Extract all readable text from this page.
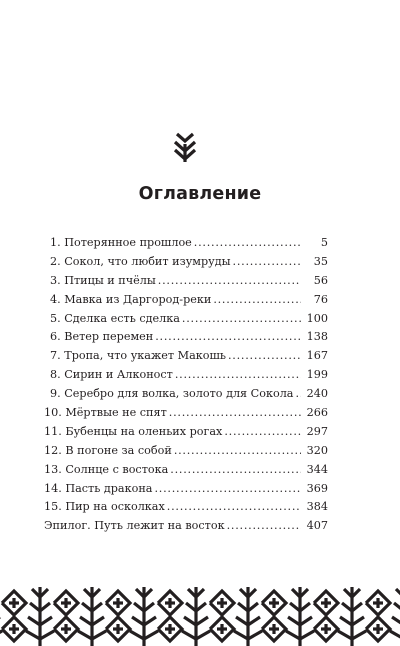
Оглавление
1. Потерянное прошлое . . .	5
2. Сокол, что любит изумруды . . .	35
3. Птицы и пчёлы . . .	56
4. Мавка из Даргород-реки . . .	76
5. Сделка есть сделка . . .	100
6. Ветер перемен . . .	138
7. Тропа, что укажет Макошь . . .	167
8. Сирин и Алконост . . .	199
9. Серебро для волка, золото для Сокола . . . 240
10. Мёртвые не спят . . .	266
11. Бубенцы на оленьих рогах . . .	297
12. В погоне за собой . . .	320
13. Солнце с востока . . .	344
14. Пасть дракона . . .	369
15. Пир на осколках . . .	384
Эпилог. Путь лежит на восток . . .	407
